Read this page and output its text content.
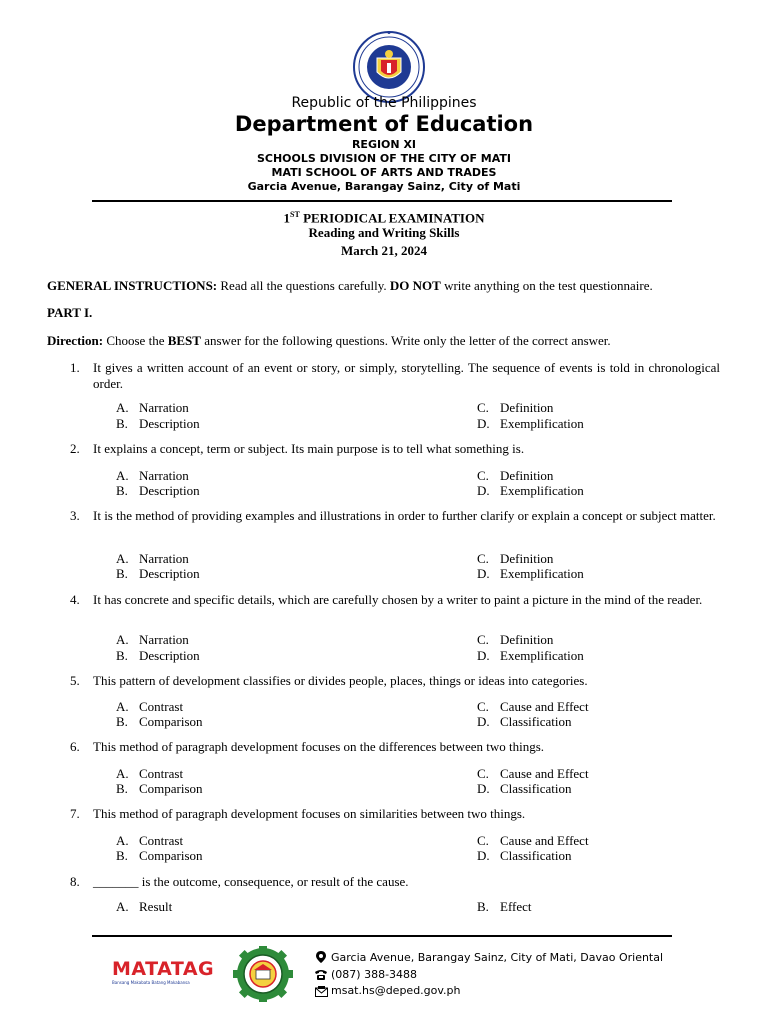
Republic of the Philippines
Department of Education
REGION XI
SCHOOLS DIVISION OF THE CITY OF MATI
MATI SCHOOL OF ARTS AND TRADES
Garcia Avenue, Barangay Sainz, City of Mati
1ST PERIODICAL EXAMINATION
Reading and Writing Skills
March 21, 2024
GENERAL INSTRUCTIONS: Read all the questions carefully. DO NOT write anything on the test questionnaire.
PART I.
Direction: Choose the BEST answer for the following questions. Write only the letter of the correct answer.
1.	It gives a written account of an event or story, or simply, storytelling. The sequence of events is told in chronological order.
A. Narration
B. Description
C. Definition
D. Exemplification
2.	It explains a concept, term or subject. Its main purpose is to tell what something is.
A. Narration
B. Description
C. Definition
D. Exemplification
3.	It is the method of providing examples and illustrations in order to further clarify or explain a concept or subject matter.
A. Narration
B. Description
C. Definition
D. Exemplification
4.	It has concrete and specific details, which are carefully chosen by a writer to paint a picture in the mind of the reader.
A. Narration
B. Description
C. Definition
D. Exemplification
5.	This pattern of development classifies or divides people, places, things or ideas into categories.
A. Contrast
B. Comparison
C. Cause and Effect
D. Classification
6.	This method of paragraph development focuses on the differences between two things.
A. Contrast
B. Comparison
C. Cause and Effect
D. Classification
7.	This method of paragraph development focuses on similarities between two things.
A. Contrast
B. Comparison
C. Cause and Effect
D. Classification
8.	_______ is the outcome, consequence, or result of the cause.
A. Result	B. Effect
MATATAG
Bansang Makabata Batang Makabansa
Garcia Avenue, Barangay Sainz, City of Mati, Davao Oriental
(087) 388-3488
msat.hs@deped.gov.ph
